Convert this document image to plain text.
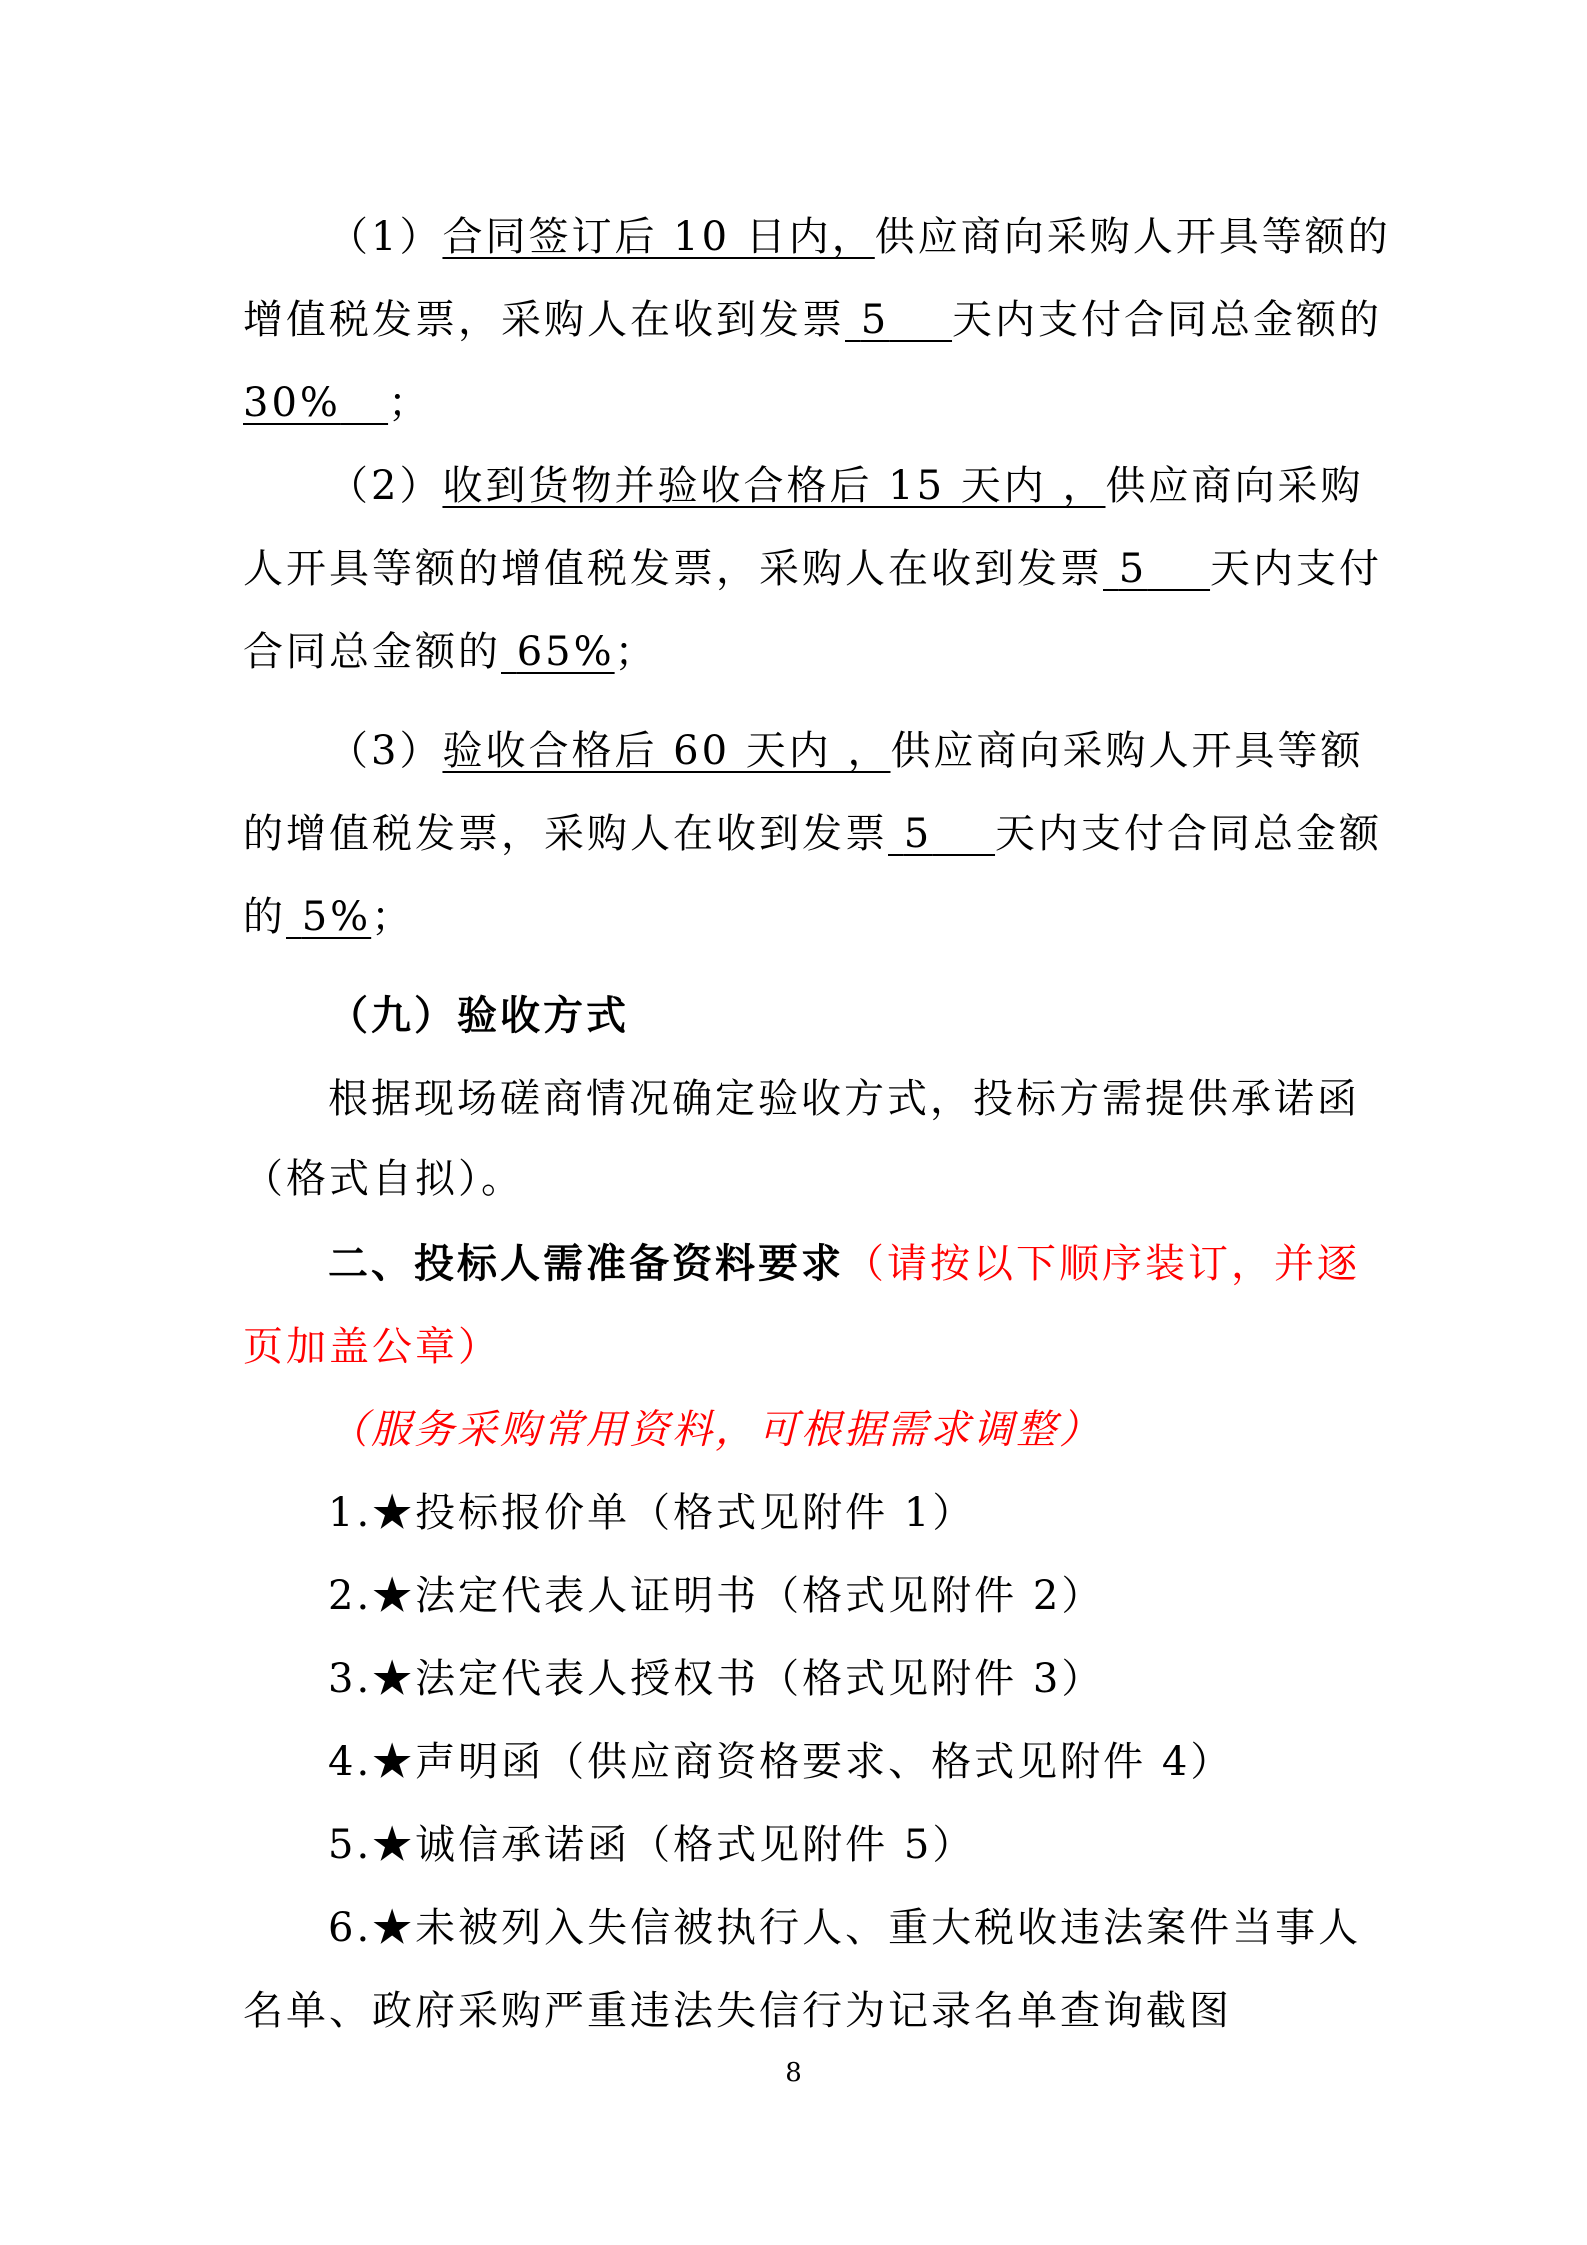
（1）合同签订后 10 日内，供应商向采购人开具等额的
增值税发票，采购人在收到发票 5 天内支付合同总金额的
30% ；
（2）收到货物并验收合格后 15 天内 ，供应商向采购
人开具等额的增值税发票，采购人在收到发票 5 天内支付
合同总金额的 65%；
（3）验收合格后 60 天内 ，供应商向采购人开具等额
的增值税发票，采购人在收到发票 5 天内支付合同总金额
的 5%；
（九）验收方式
根据现场磋商情况确定验收方式，投标方需提供承诺函
（格式自拟）。
二、投标人需准备资料要求（请按以下顺序装订，并逐
页加盖公章）
（服务采购常用资料，可根据需求调整）
1.★投标报价单（格式见附件 1）
2.★法定代表人证明书（格式见附件 2）
3.★法定代表人授权书（格式见附件 3）
4.★声明函（供应商资格要求、格式见附件 4）
5.★诚信承诺函（格式见附件 5）
6.★未被列入失信被执行人、重大税收违法案件当事人
名单、政府采购严重违法失信行为记录名单查询截图
8
